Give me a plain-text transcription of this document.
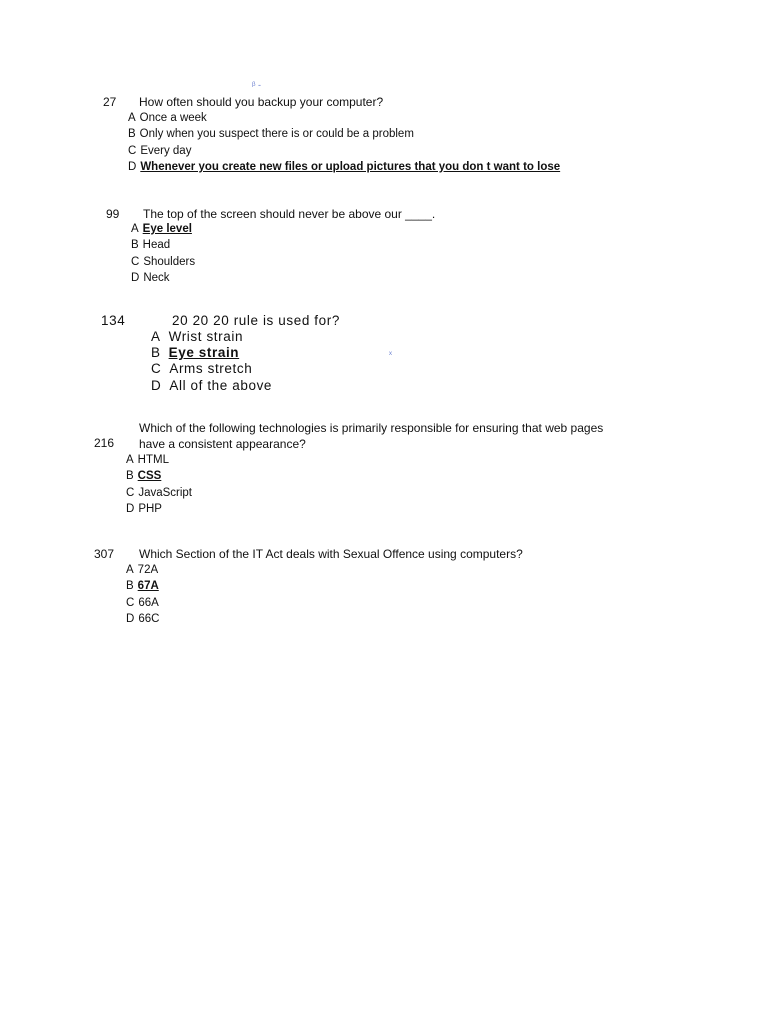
ᵝ -
27 How often should you backup your computer?
A Once a week
B Only when you suspect there is or could be a problem
C Every day
D Whenever you create new files or upload pictures that you don t want to lose
99 The top of the screen should never be above our ____.
A Eye level
B Head
C Shoulders
D Neck
134	20 20 20 rule is used for?
A Wrist strain
B Eye strain
C Arms stretch
D All of the above
ˣ
216
Which of the following technologies is primarily responsible for ensuring that web pages have a consistent appearance?
A HTML
B CSS
C JavaScript
D PHP
307 Which Section of the IT Act deals with Sexual Offence using computers?
A 72A
B 67A
C 66A
D 66C
